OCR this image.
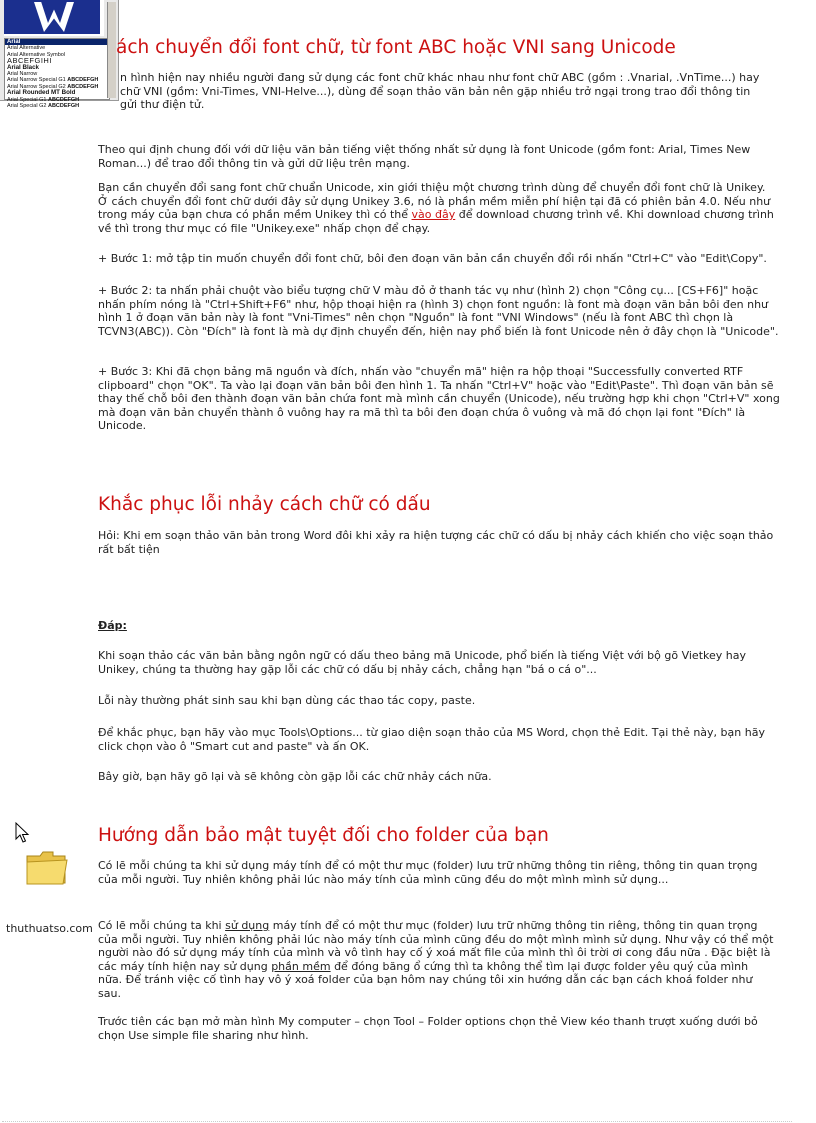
Arial
Arial Alternative
Arial Alternative Symbol
ABCEFGIHI
Arial Black
Arial Narrow
Arial Narrow Special G1 ABCDEFGH
Arial Narrow Special G2 ABCDEFGH
Arial Rounded MT Bold
Arial Special G1 ABCDEFGH
Arial Special G2 ABCDEFGH
ách chuyển đổi font chữ, từ font ABC hoặc VNI sang Unicode

n hình hiện nay nhiều người đang sử dụng các font chữ khác nhau như font chữ ABC (gồm : .Vnarial, .VnTime...) hay chữ VNI (gồm: Vni-Times, VNI-Helve...), dùng để soạn thảo văn bản nên gặp nhiều trở ngại trong trao đổi thông tin gửi thư điện tử.

Theo qui định chung đối với dữ liệu văn bản tiếng việt thống nhất sử dụng là font Unicode (gồm font: Arial, Times New Roman...) để trao đổi thông tin và gửi dữ liệu trên mạng.

Bạn cần chuyển đổi sang font chữ chuẩn Unicode, xin giới thiệu một chương trình dùng để chuyển đổi font chữ là Unikey. Ở cách chuyển đổi font chữ dưới đây sử dụng Unikey 3.6, nó là phần mềm miễn phí hiện tại đã có phiên bản 4.0. Nếu như trong máy của bạn chưa có phần mềm Unikey thì có thể vào đây để download chương trình về. Khi download chương trình về thì trong thư mục có file "Unikey.exe" nhấp chọn để chạy.

+ Bước 1: mở tập tin muốn chuyển đổi font chữ, bôi đen đoạn văn bản cần chuyển đổi rồi nhấn "Ctrl+C" vào "Edit\Copy".

+ Bước 2: ta nhấn phải chuột vào biểu tượng chữ V màu đỏ ở thanh tác vụ như (hình 2) chọn "Công cụ... [CS+F6]" hoặc nhấn phím nóng là "Ctrl+Shift+F6" như, hộp thoại hiện ra (hình 3) chọn font nguồn: là font mà đoạn văn bản bôi đen như hình 1 ở đoạn văn bản này là font "Vni-Times" nên chọn "Nguồn" là font "VNI Windows" (nếu là font ABC thì chọn là TCVN3(ABC)). Còn "Đích" là font là mà dự định chuyển đến, hiện nay phổ biến là font Unicode nên ở đây chọn là "Unicode".

+ Bước 3: Khi đã chọn bảng mã nguồn và đích, nhấn vào "chuyển mã" hiện ra hộp thoại "Successfully converted RTF clipboard" chọn "OK". Ta vào lại đoạn văn bản bôi đen hình 1. Ta nhấn "Ctrl+V" hoặc vào "Edit\Paste". Thì đoạn văn bản sẽ thay thế chỗ bôi đen thành đoạn văn bản chứa font mà mình cần chuyển (Unicode), nếu trường hợp khi chọn "Ctrl+V" xong mà đoạn văn bản chuyển thành ô vuông hay ra mã thì ta bôi đen đoạn chứa ô vuông và mã đó chọn lại font "Đích" là Unicode.

Khắc phục lỗi nhảy cách chữ có dấu

Hỏi: Khi em soạn thảo văn bản trong Word đôi khi xảy ra hiện tượng các chữ có dấu bị nhảy cách khiến cho việc soạn thảo rất bất tiện

Đáp:

Khi soạn thảo các văn bản bằng ngôn ngữ có dấu theo bảng mã Unicode, phổ biến là tiếng Việt với bộ gõ Vietkey hay Unikey, chúng ta thường hay gặp lỗi các chữ có dấu bị nhảy cách, chẳng hạn "bá o cá o"...

Lỗi này thường phát sinh sau khi bạn dùng các thao tác copy, paste.

Để khắc phục, bạn hãy vào mục Tools\Options... từ giao diện soạn thảo của MS Word, chọn thẻ Edit. Tại thẻ này, bạn hãy click chọn vào ô "Smart cut and paste" và ấn OK.

Bây giờ, bạn hãy gõ lại và sẽ không còn gặp lỗi các chữ nhảy cách nữa.

thuthuatso.com
Hướng dẫn bảo mật tuyệt đối cho folder của bạn

Có lẽ mỗi chúng ta khi sử dụng máy tính để có một thư mục (folder) lưu trữ những thông tin riêng, thông tin quan trọng của mỗi người. Tuy nhiên không phải lúc nào máy tính của mình cũng đều do một mình mình sử dụng...

Có lẽ mỗi chúng ta khi sử dụng máy tính để có một thư mục (folder) lưu trữ những thông tin riêng, thông tin quan trọng của mỗi người. Tuy nhiên không phải lúc nào máy tính của mình cũng đều do một mình mình sử dụng. Như vậy có thể một người nào đó sử dụng máy tính của mình và vô tình hay cố ý xoá mất file của mình thì ôi trời ơi cong đầu nữa . Đặc biệt là các máy tính hiện nay sử dụng phần mềm để đóng băng ổ cứng thì ta không thể tìm lại được folder yêu quý của mình nữa. Để tránh việc cố tình hay vô ý xoá folder của bạn hôm nay chúng tôi xin hướng dẫn các bạn cách khoá folder như sau.

Trước tiên các bạn mở màn hình My computer – chọn Tool – Folder options chọn thẻ View kéo thanh trượt xuống dưới bỏ chọn Use simple file sharing như hình.
